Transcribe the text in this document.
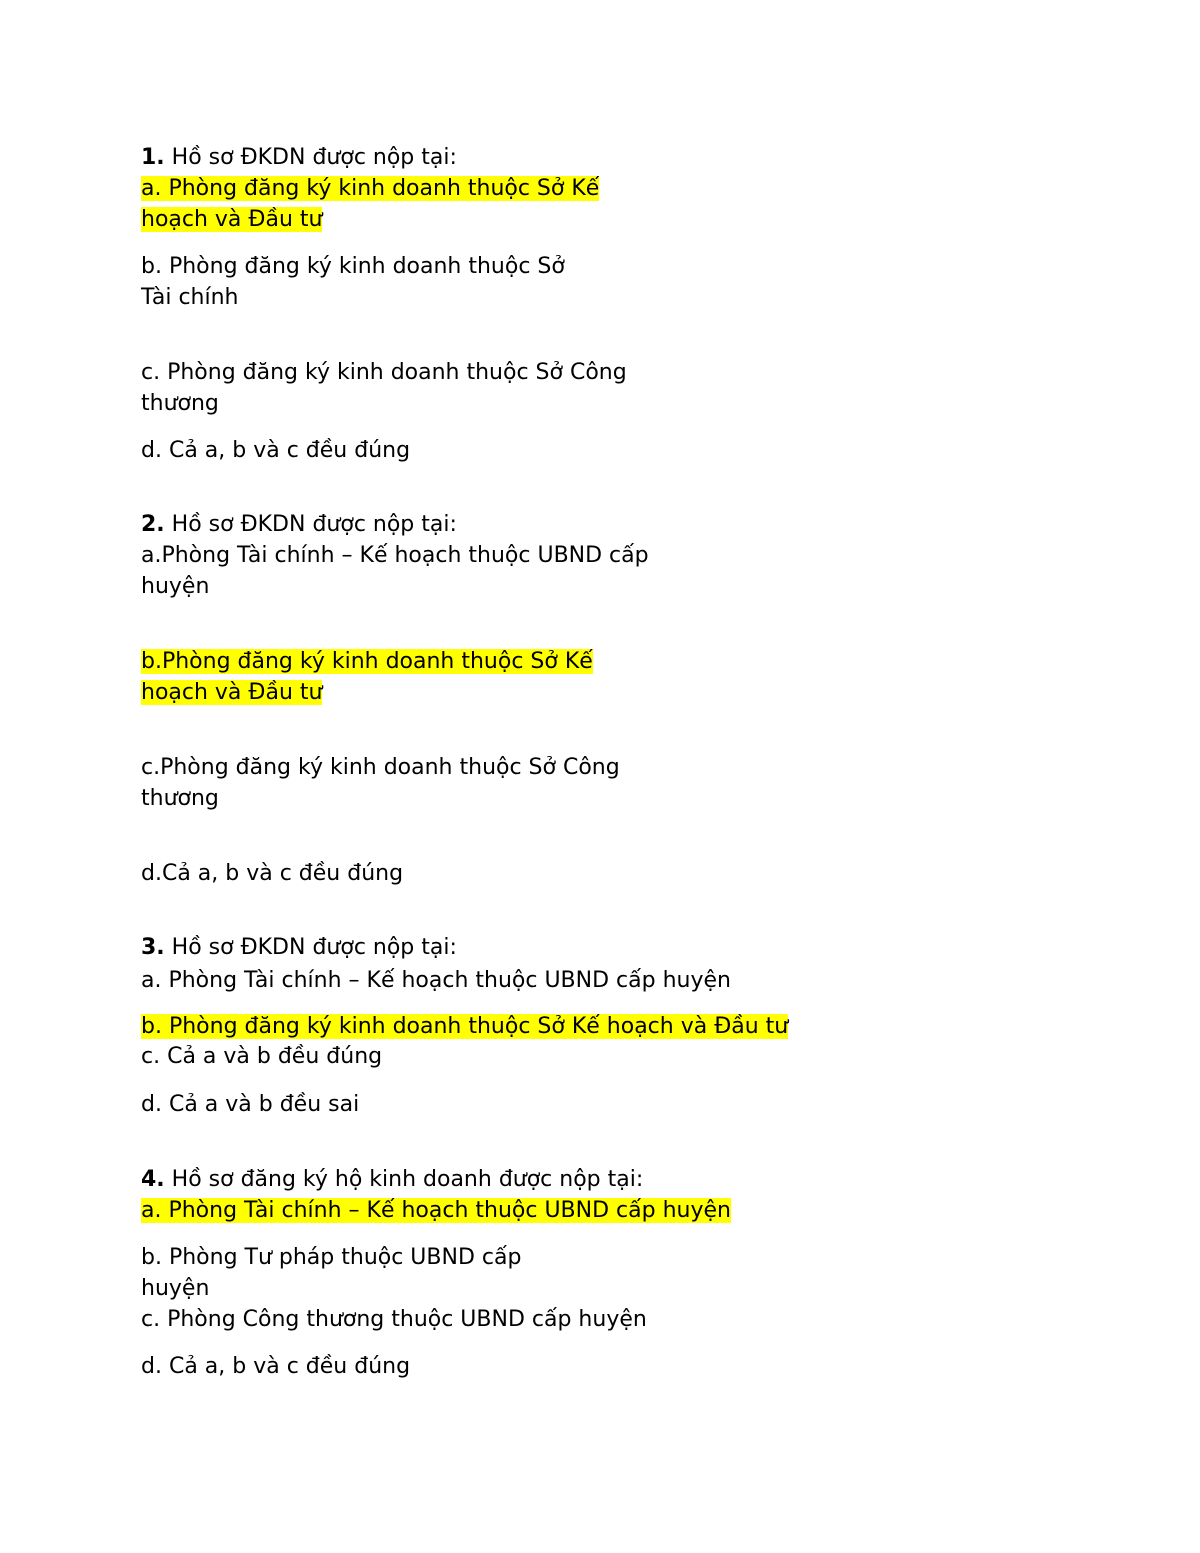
1. Hồ sơ ĐKDN được nộp tại:
a. Phòng đăng ký kinh doanh thuộc Sở Kế
hoạch và Đầu tư
b. Phòng đăng ký kinh doanh thuộc Sở
Tài chính
c. Phòng đăng ký kinh doanh thuộc Sở Công
thương
d. Cả a, b và c đều đúng
2. Hồ sơ ĐKDN được nộp tại:
a.Phòng Tài chính – Kế hoạch thuộc UBND cấp
huyện
b.Phòng đăng ký kinh doanh thuộc Sở Kế
hoạch và Đầu tư
c.Phòng đăng ký kinh doanh thuộc Sở Công
thương
d.Cả a, b và c đều đúng
3. Hồ sơ ĐKDN được nộp tại:
a. Phòng Tài chính – Kế hoạch thuộc UBND cấp huyện
b. Phòng đăng ký kinh doanh thuộc Sở Kế hoạch và Đầu tư
c. Cả a và b đều đúng
d. Cả a và b đều sai
4. Hồ sơ đăng ký hộ kinh doanh được nộp tại:
a. Phòng Tài chính – Kế hoạch thuộc UBND cấp huyện
b. Phòng Tư pháp thuộc UBND cấp
huyện
c. Phòng Công thương thuộc UBND cấp huyện
d. Cả a, b và c đều đúng
